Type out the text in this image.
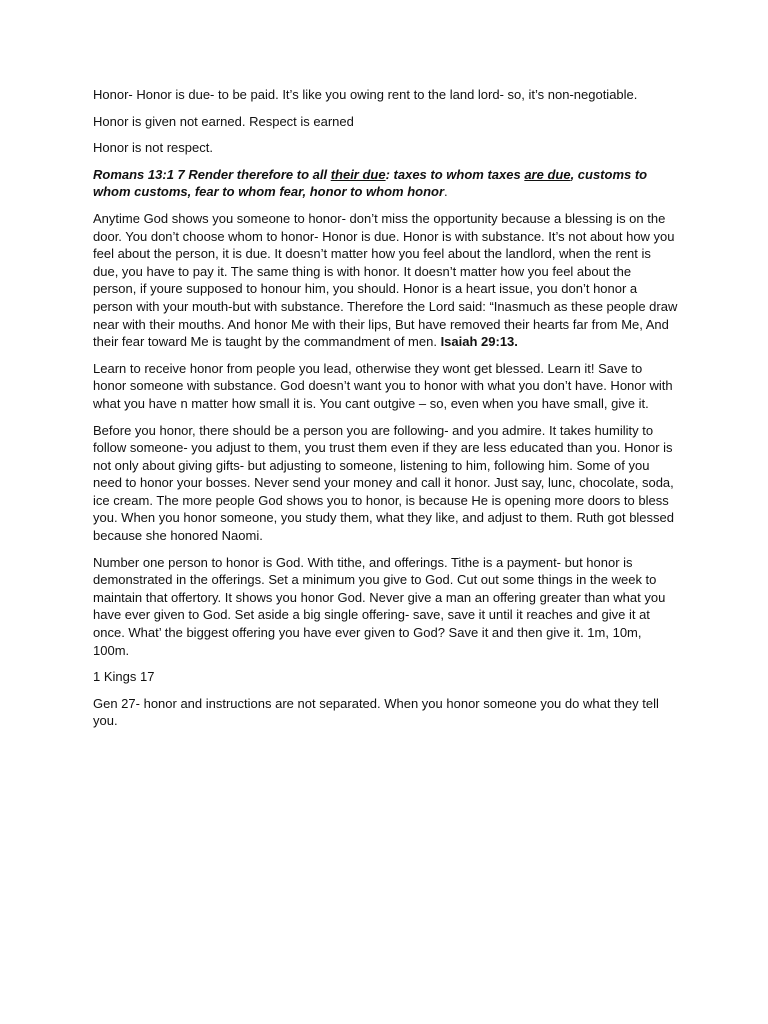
Honor- Honor is due- to be paid. It’s like you owing rent to the land lord- so, it’s non-negotiable.

Honor is given not earned. Respect is earned

Honor is not respect.

Romans 13:1 7 Render therefore to all their due: taxes to whom taxes are due, customs to whom customs, fear to whom fear, honor to whom honor.

Anytime God shows you someone to honor- don’t miss the opportunity because a blessing is on the door. You don’t choose whom to honor- Honor is due. Honor is with substance. It’s not about how you feel about the person, it is due. It doesn’t matter how you feel about the landlord, when the rent is due, you have to pay it. The same thing is with honor. It doesn’t matter how you feel about the person, if youre supposed to honour him, you should. Honor is a heart issue, you don’t honor a person with your mouth-but with substance. Therefore the Lord said: “Inasmuch as these people draw near with their mouths. And honor Me with their lips, But have removed their hearts far from Me, And their fear toward Me is taught by the commandment of men. Isaiah 29:13.

Learn to receive honor from people you lead, otherwise they wont get blessed. Learn it! Save to honor someone with substance. God doesn’t want you to honor with what you don’t have. Honor with what you have n matter how small it is. You cant outgive – so, even when you have small, give it.

Before you honor, there should be a person you are following- and you admire. It takes humility to follow someone- you adjust to them, you trust them even if they are less educated than you. Honor is not only about giving gifts- but adjusting to someone, listening to him, following him. Some of you need to honor your bosses. Never send your money and call it honor. Just say, lunc, chocolate, soda, ice cream. The more people God shows you to honor, is because He is opening more doors to bless you. When you honor someone, you study them, what they like, and adjust to them. Ruth got blessed because she honored Naomi.

Number one person to honor is God. With tithe, and offerings. Tithe is a payment- but honor is demonstrated in the offerings. Set a minimum you give to God. Cut out some things in the week to maintain that offertory. It shows you honor God. Never give a man an offering greater than what you have ever given to God. Set aside a big single offering- save, save it until it reaches and give it at once. What’ the biggest offering you have ever given to God? Save it and then give it. 1m, 10m, 100m.

1 Kings 17

Gen 27- honor and instructions are not separated. When you honor someone you do what they tell you.
